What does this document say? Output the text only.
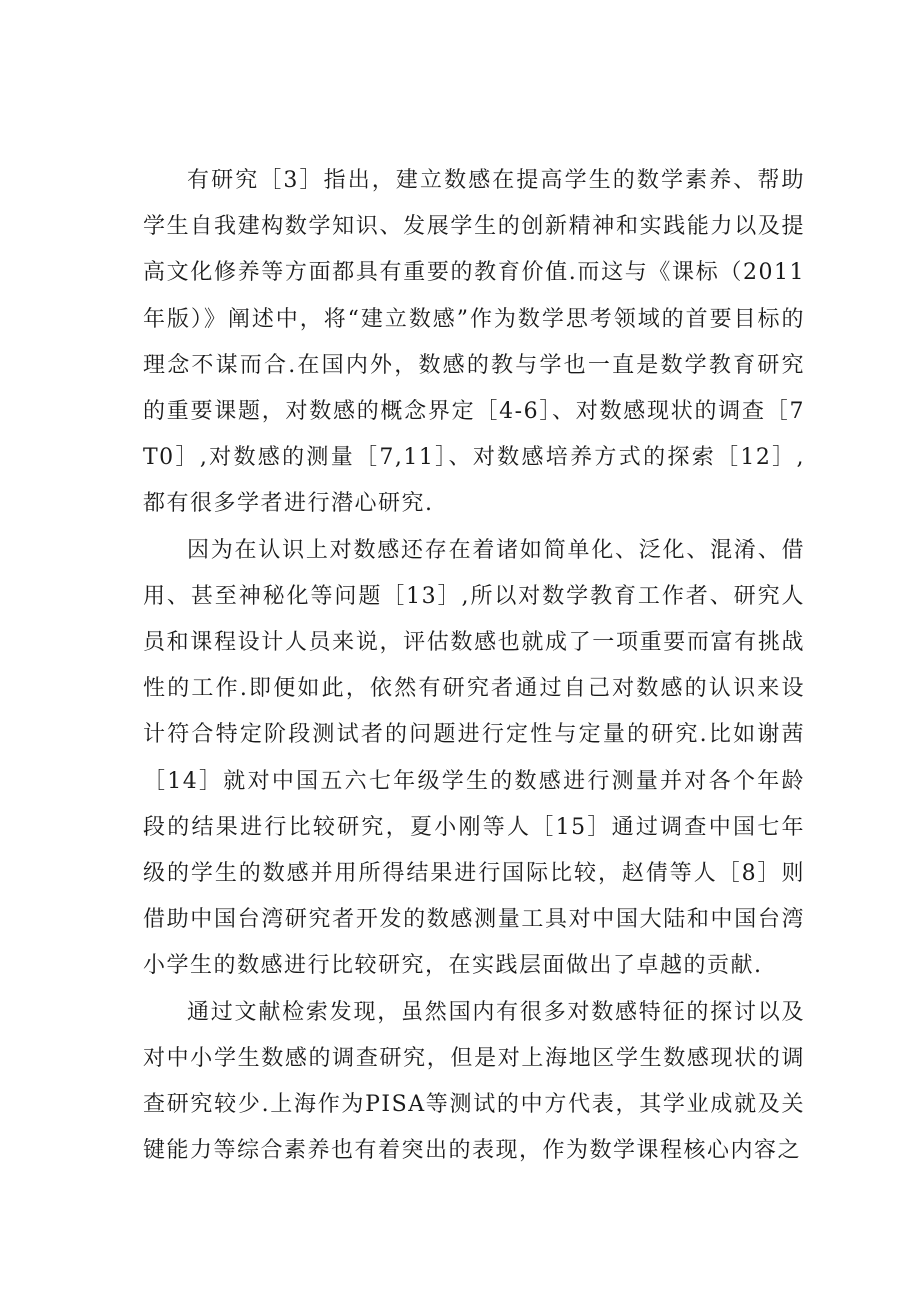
有研究［3］指出，建立数感在提高学生的数学素养、帮助学生自我建构数学知识、发展学生的创新精神和实践能力以及提高文化修养等方面都具有重要的教育价值.而这与《课标（2011年版）》阐述中，将“建立数感”作为数学思考领域的首要目标的理念不谋而合.在国内外，数感的教与学也一直是数学教育研究的重要课题，对数感的概念界定［4-6］、对数感现状的调查［7T0］,对数感的测量［7,11］、对数感培养方式的探索［12］,都有很多学者进行潜心研究.

因为在认识上对数感还存在着诸如简单化、泛化、混淆、借用、甚至神秘化等问题［13］,所以对数学教育工作者、研究人员和课程设计人员来说，评估数感也就成了一项重要而富有挑战性的工作.即便如此，依然有研究者通过自己对数感的认识来设计符合特定阶段测试者的问题进行定性与定量的研究.比如谢茜［14］就对中国五六七年级学生的数感进行测量并对各个年龄段的结果进行比较研究，夏小刚等人［15］通过调查中国七年级的学生的数感并用所得结果进行国际比较，赵倩等人［8］则借助中国台湾研究者开发的数感测量工具对中国大陆和中国台湾小学生的数感进行比较研究，在实践层面做出了卓越的贡献.

通过文献检索发现，虽然国内有很多对数感特征的探讨以及对中小学生数感的调查研究，但是对上海地区学生数感现状的调查研究较少.上海作为PISA等测试的中方代表，其学业成就及关键能力等综合素养也有着突出的表现，作为数学课程核心内容之
